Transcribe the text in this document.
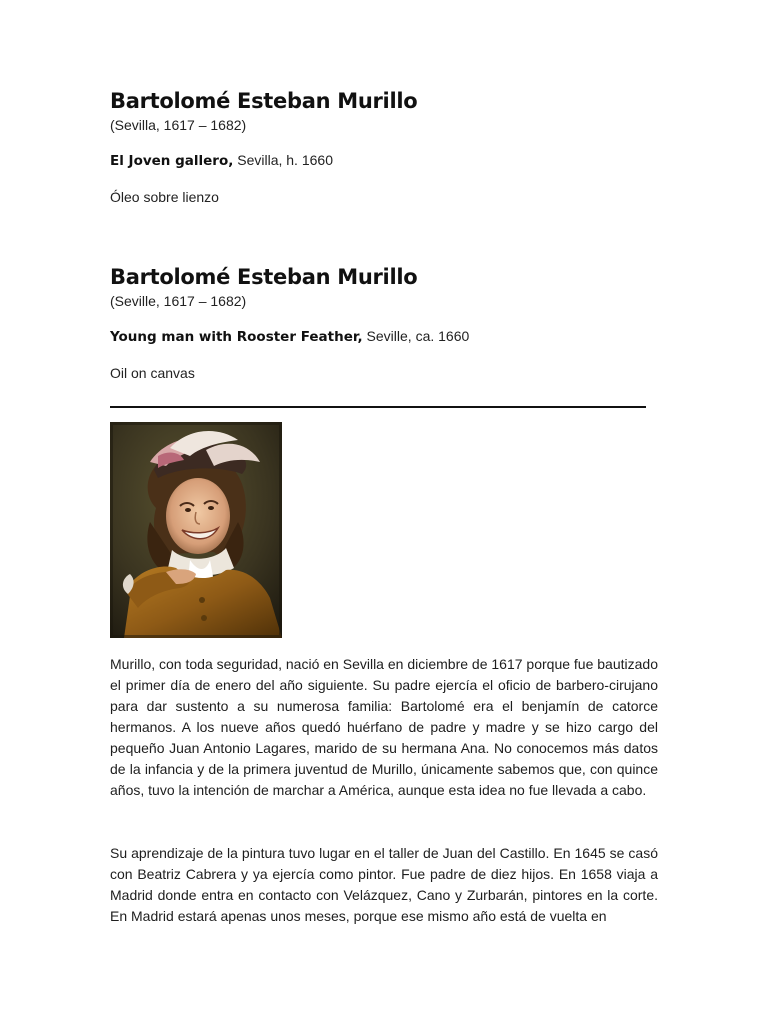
Bartolomé Esteban Murillo

(Sevilla, 1617 – 1682)

El Joven gallero, Sevilla, h. 1660

Óleo sobre lienzo

Bartolomé Esteban Murillo

(Seville, 1617 – 1682)

Young man with Rooster Feather, Seville, ca. 1660

Oil on canvas

Murillo, con toda seguridad, nació en Sevilla en diciembre de 1617 porque fue bautizado el primer día de enero del año siguiente. Su padre ejercía el oficio de barbero-cirujano para dar sustento a su numerosa familia: Bartolomé era el benjamín de catorce hermanos. A los nueve años quedó huérfano de padre y madre y se hizo cargo del pequeño Juan Antonio Lagares, marido de su hermana Ana. No conocemos más datos de la infancia y de la primera juventud de Murillo, únicamente sabemos que, con quince años, tuvo la intención de marchar a América, aunque esta idea no fue llevada a cabo.

Su aprendizaje de la pintura tuvo lugar en el taller de Juan del Castillo. En 1645 se casó con Beatriz Cabrera y ya ejercía como pintor. Fue padre de diez hijos. En 1658 viaja a Madrid donde entra en contacto con Velázquez, Cano y Zurbarán, pintores en la corte. En Madrid estará apenas unos meses, porque ese mismo año está de vuelta en
